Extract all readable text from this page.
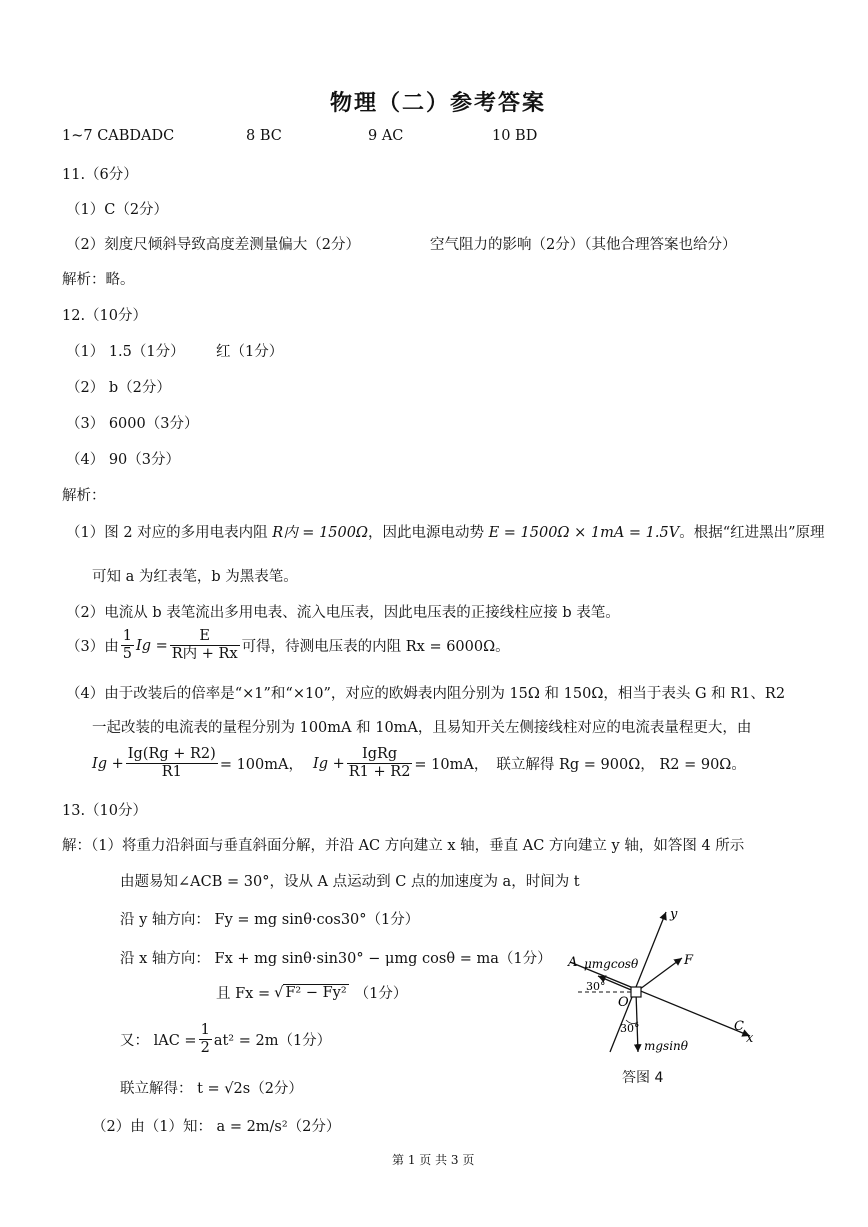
物理（二）参考答案
1~7 CABDADC	8 BC	9 AC	10 BD
11.（6分）
（1）C（2分）
（2）刻度尺倾斜导致高度差测量偏大（2分）	空气阻力的影响（2分）（其他合理答案也给分）
解析：略。
12.（10分）
（1） 1.5（1分） 红（1分）
（2） b（2分）
（3） 6000（3分）
（4） 90（3分）
解析：
（1）图 2 对应的多用电表内阻 R内 = 1500Ω，因此电源电动势 E = 1500Ω × 1mA = 1.5V。根据“红进黑出”原理
可知 a 为红表笔，b 为黑表笔。
（2）电流从 b 表笔流出多用电表、流入电压表，因此电压表的正接线柱应接 b 表笔。
（3）由 $\frac{1}{5}$ $Ig = \frac{E}{\text{R内 + Rx}}$ 可得，待测电压表的内阻 Rx = 6000Ω。
（4）由于改装后的倍率是“×1”和“×10”，对应的欧姆表内阻分别为 15Ω 和 150Ω，相当于表头 G 和 R1、R2
一起改装的电流表的量程分别为 100mA 和 10mA，且易知开关左侧接线柱对应的电流表量程更大，由
$Ig + \frac{Ig(Rg + R2)}{R1} = 100mA$， $Ig + \frac{\text{IgRg}}{R1 + R2} = 10mA$， 联立解得 Rg = 900Ω， R2 = 90Ω。
13.（10分）
解：（1）将重力沿斜面与垂直斜面分解，并沿 AC 方向建立 x 轴，垂直 AC 方向建立 y 轴，如答图 4 所示
由题易知∠ACB = 30°，设从 A 点运动到 C 点的加速度为 a，时间为 t
沿 y 轴方向： Fy = mg sinθ·cos30°（1分）
沿 x 轴方向： Fx + mg sinθ·sin30° − μmg cosθ = ma（1分）
且 Fx = √ F² − Fy² （1分）
又： lAC = $\frac{1}{2} at^2 = 2m(1$分）
联立解得： t = √2s（2分）
（2）由（1）知： a = 2m/s²（2分）
y
x
A
C
O
F
μmgcosθ
mgsinθ
30°
30°
答图 4
第 1 页 共 3 页
